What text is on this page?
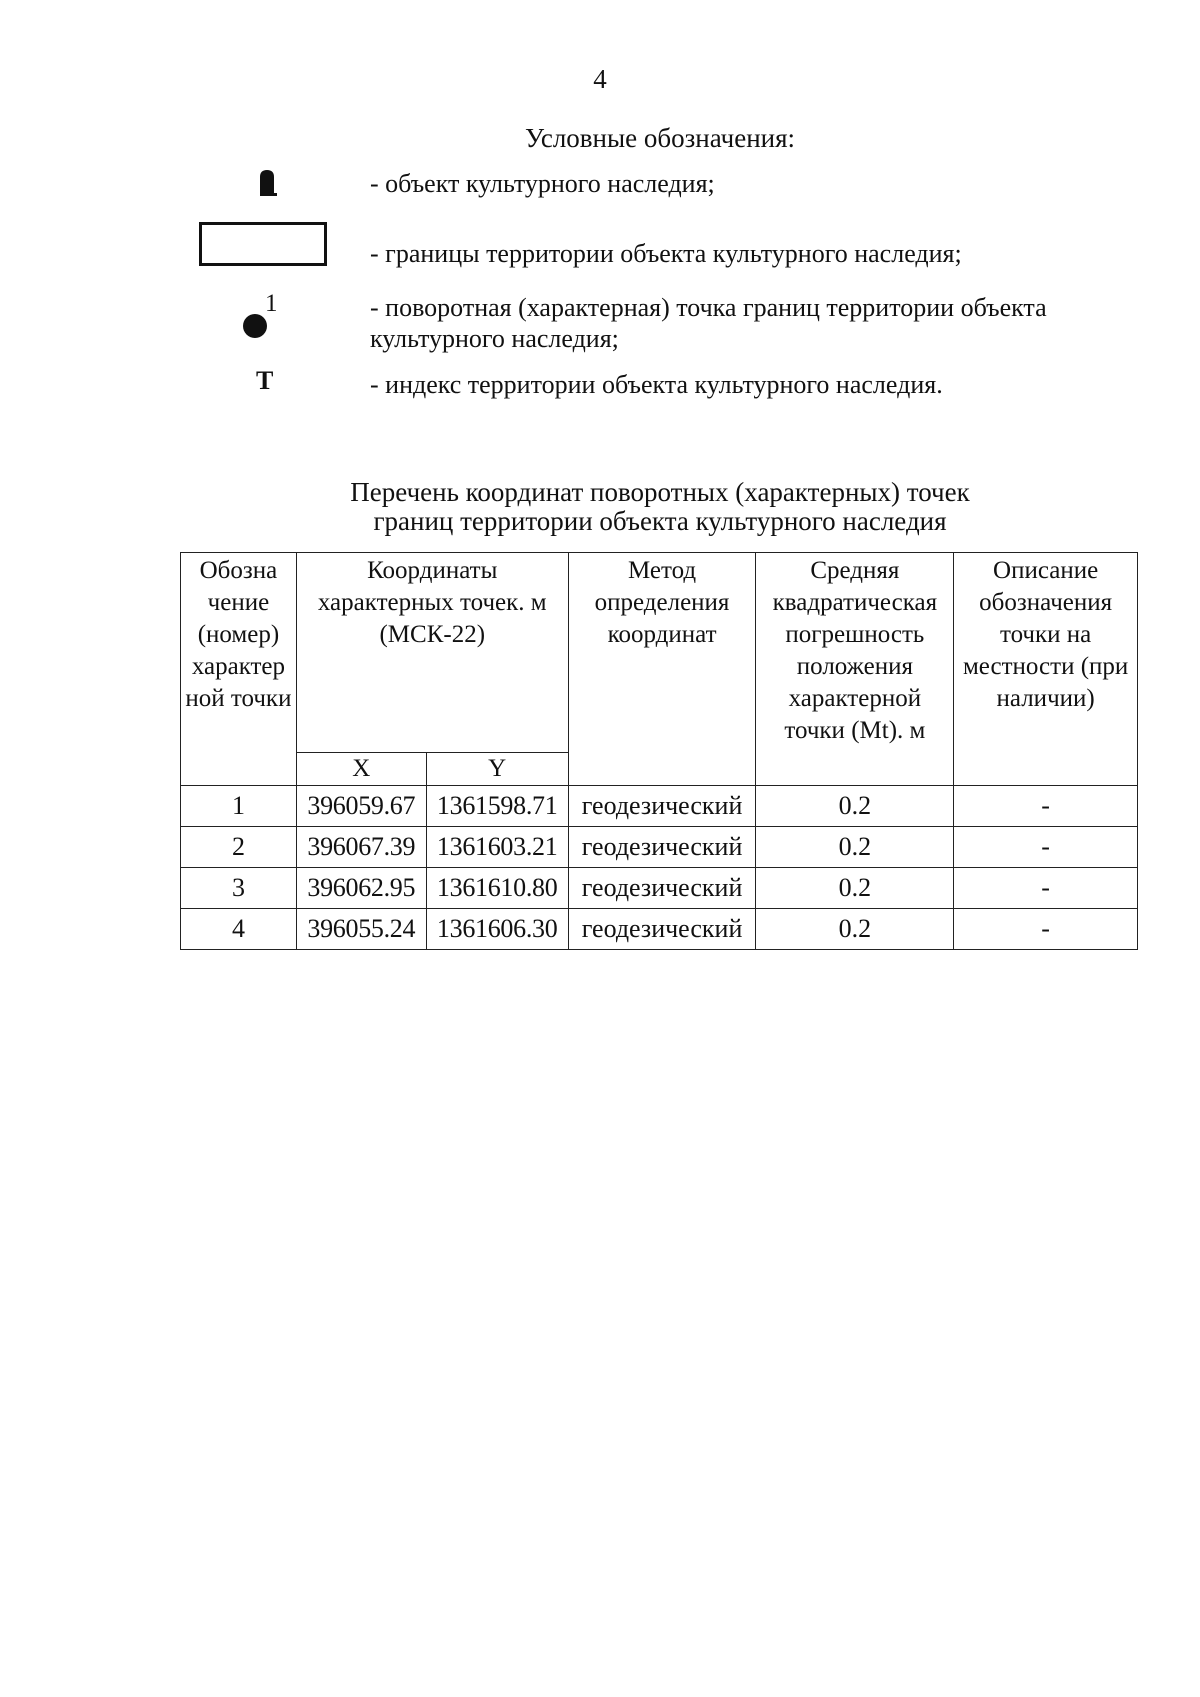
4
Условные обозначения:
- объект культурного наследия;
- границы территории объекта культурного наследия;
1	- поворотная (характерная) точка границ территории объекта культурного наследия;
Т	- индекс территории объекта культурного наследия.
Перечень координат поворотных (характерных) точек
границ территории объекта культурного наследия
Обозна чение (номер) характер ной точки	Координаты характерных точек. м (МСК-22)		Метод определения координат	Средняя квадратическая погрешность положения характерной точки (Mt). м	Описание обозначения точки на местности (при наличии)
	X	Y			
1	396059.67	1361598.71	геодезический	0.2	-
2	396067.39	1361603.21	геодезический	0.2	-
3	396062.95	1361610.80	геодезический	0.2	-
4	396055.24	1361606.30	геодезический	0.2	-
